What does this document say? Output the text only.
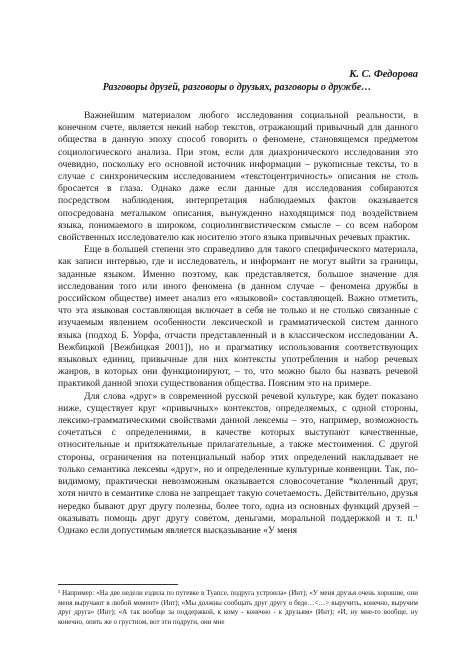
К. С. Федорова
Разговоры друзей, разговоры о друзьях, разговоры о дружбе…

Важнейшим материалом любого исследования социальной реальности, в конечном счете, является некий набор текстов, отражающий привычный для данного общества в данную эпоху способ говорить о феномене, становящемся предметом социологического анализа. При этом, если для диахронического исследования это очевидно, поскольку его основной источник информации – рукописные тексты, то в случае с синхроническим исследованием «текстоцентричность» описания не столь бросается в глаза. Однако даже если данные для исследования собираются посредством наблюдения, интерпретация наблюдаемых фактов оказывается опосредована металыком описания, вынужденно находящимся под воздействием языка, понимаемого в широком, социолингвистическом смысле – со всем набором свойственных исследователю как носителю этого языка привычных речевых практик.

Еще в большей степени это справедливо для такого специфического материала, как записи интервью, где и исследователь, и информант не могут выйти за границы, заданные языком. Именно поэтому, как представляется, большое значение для исследования того или иного феномена (в данном случае – феномена дружбы в российском обществе) имеет анализ его «языковой» составляющей. Важно отметить, что эта языковая составляющая включает в себя не только и не столько связанные с изучаемым явлением особенности лексической и грамматической систем данного языка (подход Б. Уорфа, отчасти представленный и в классическом исследовании А. Вежбицкой [Вежбицкая 2001]), но и прагматику использования соответствующих языковых единиц, привычные для них контексты употребления и набор речевых жанров, в которых они функционируют, – то, что можно было бы назвать речевой практикой данной эпохи существования общества. Поясним это на примере.

Для слова «друг» в современной русской речевой культуре, как будет показано ниже, существует круг «привычных» контекстов, определяемых, с одной стороны, лексико-грамматическими свойствами данной лексемы – это, например, возможность сочетаться с определениями, в качестве которых выступают качественные, относительные и притяжательные прилагательные, а также местоимения. С другой стороны, ограничения на потенциальный набор этих определений накладывает не только семантика лексемы «друг», но и определенные культурные конвенции. Так, по-видимому, практически невозможным оказывается словосочетание *коленный друг, хотя ничто в семантике слова не запрещает такую сочетаемость. Действительно, друзья нередко бывают друг другу полезны, более того, одна из основных функций друзей – оказывать помощь друг другу советом, деньгами, моральной поддержкой и т. п.¹ Однако если допустимым является высказывание «У меня

¹ Например: «На две недели ездила по путевке в Туапсе, подруга устроила» (Инт); «У меня друзья очень хорошие, они меня выручают в любой момент» (Инт); «Мы должны сообщать друг другу о беде…<…> выручить, конечно, выручим друг друга» (Инт); «А так вообще за поддержкой, к кому - конечно - к друзьям» (Инт); «И, ну мне-то вообще, ну конечно, опять же о грустном, вот эти подруги, они мне
